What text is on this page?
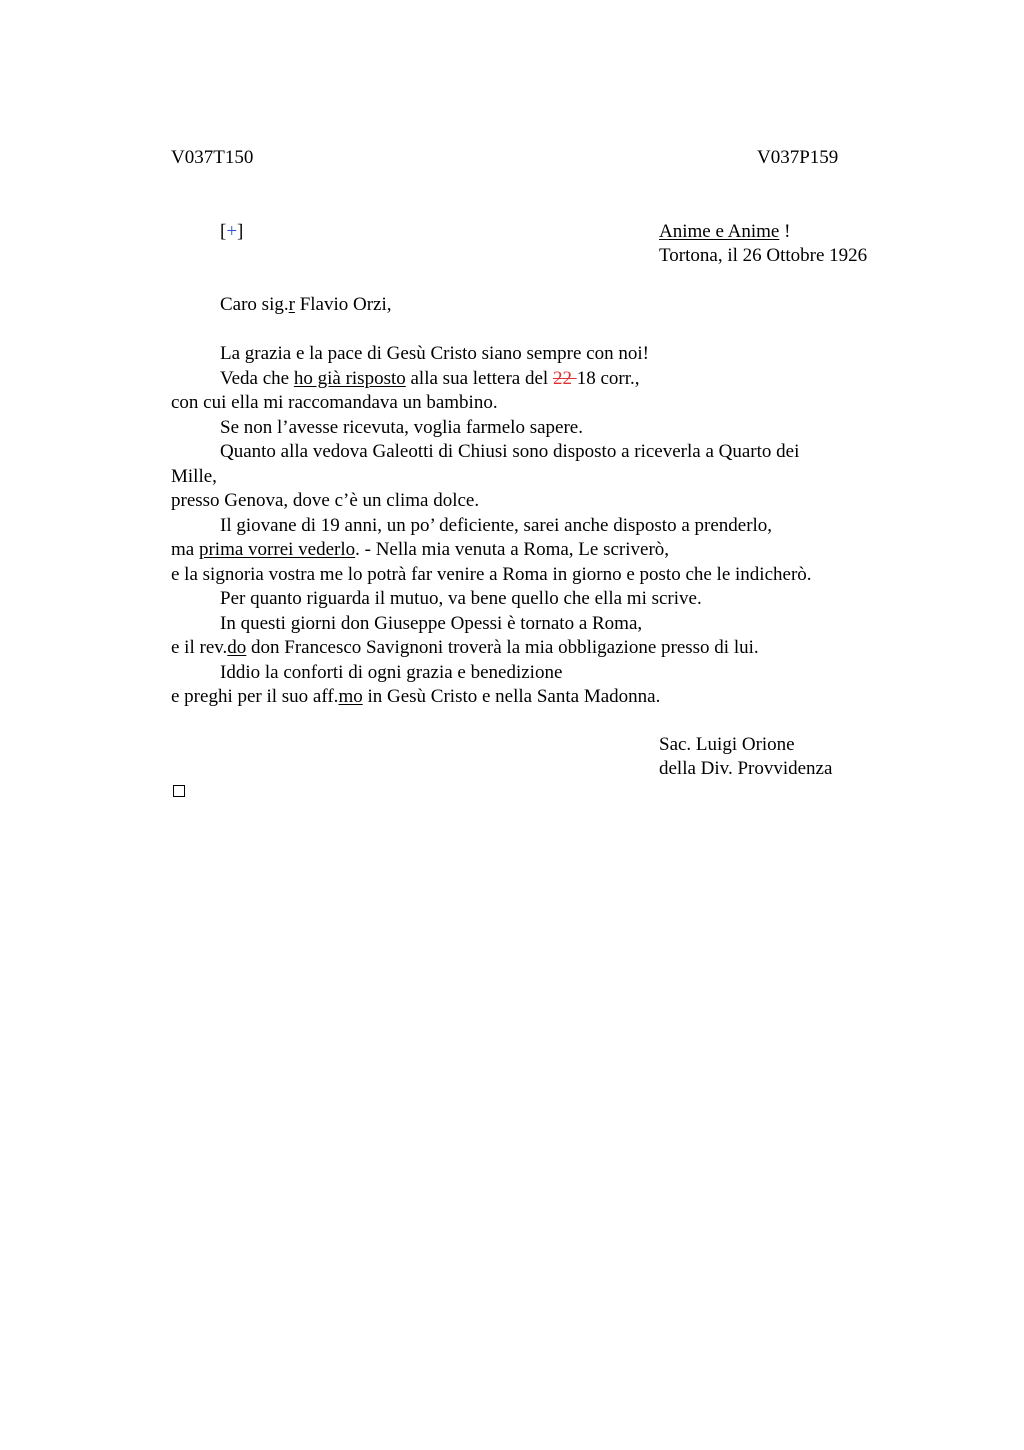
V037T150	V037P159
[+]	Anime e Anime !
Tortona, il 26 Ottobre 1926
Caro sig.r Flavio Orzi,
La grazia e la pace di Gesù Cristo siano sempre con noi!
Veda che ho già risposto alla sua lettera del 22 18 corr.,
con cui ella mi raccomandava un bambino.
Se non l’avesse ricevuta, voglia farmelo sapere.
Quanto alla vedova Galeotti di Chiusi sono disposto a riceverla a Quarto dei
Mille,
presso Genova, dove c’è un clima dolce.
Il giovane di 19 anni, un po’ deficiente, sarei anche disposto a prenderlo,
ma prima vorrei vederlo. - Nella mia venuta a Roma, Le scriverò,
e la signoria vostra me lo potrà far venire a Roma in giorno e posto che le indicherò.
Per quanto riguarda il mutuo, va bene quello che ella mi scrive.
In questi giorni don Giuseppe Opessi è tornato a Roma,
e il rev.do don Francesco Savignoni troverà la mia obbligazione presso di lui.
Iddio la conforti di ogni grazia e benedizione
e preghi per il suo aff.mo in Gesù Cristo e nella Santa Madonna.
Sac. Luigi Orione
della Div. Provvidenza
